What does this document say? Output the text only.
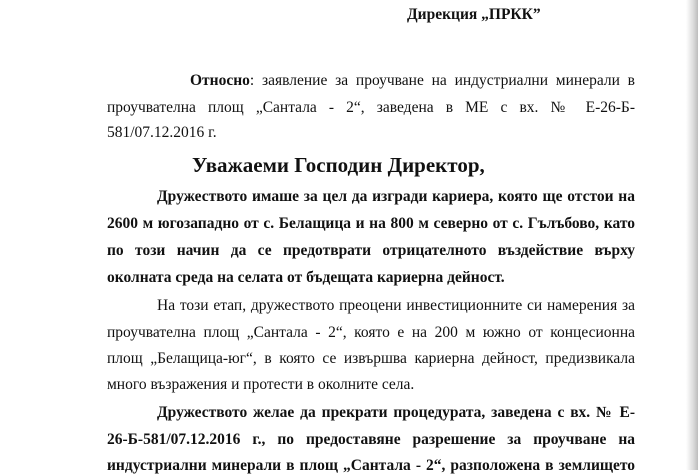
Дирекция „ПРКК”
Относно: заявление за проучване на индустриални минерали в
проучвателна площ „Сантала - 2“, заведена в МЕ с вх. № Е-26-Б-
581/07.12.2016 г.
Уважаеми Господин Директор,
Дружеството имаше за цел да изгради кариера, която ще отстои на
2600 м югозападно от с. Белащица и на 800 м северно от с. Гълъбово, като
по този начин да се предотврати отрицателното въздействие върху
околната среда на селата от бъдещата кариерна дейност.
На този етап, дружеството преоцени инвестиционните си намерения за
проучвателна площ „Сантала - 2“, която е на 200 м южно от концесионна
площ „Белащица-юг“, в която се извършва кариерна дейност, предизвикала
много възражения и протести в околните села.
Дружеството желае да прекрати процедурата, заведена с вх. № Е-
26-Б-581/07.12.2016 г., по предоставяне разрешение за проучване на
индустриални минерали в площ „Сантала - 2“, разположена в землището
